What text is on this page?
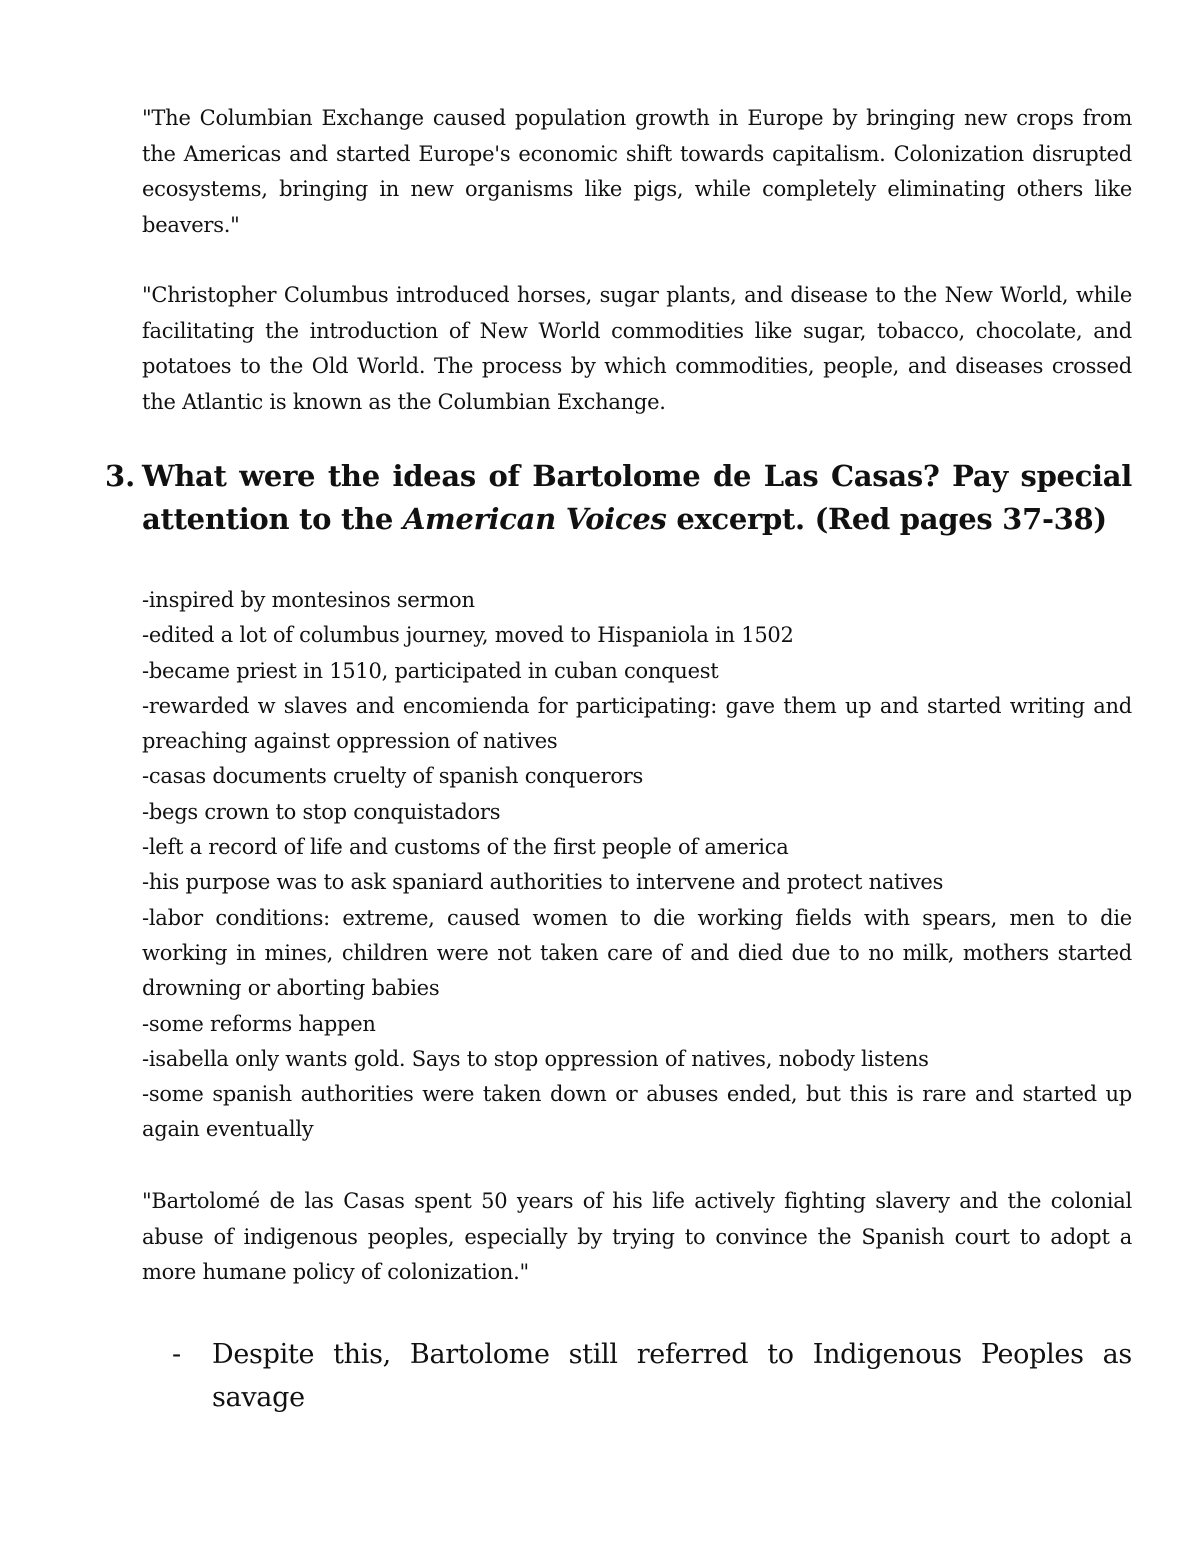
"The Columbian Exchange caused population growth in Europe by bringing new crops from the Americas and started Europe's economic shift towards capitalism. Colonization disrupted ecosystems, bringing in new organisms like pigs, while completely eliminating others like beavers."

"Christopher Columbus introduced horses, sugar plants, and disease to the New World, while facilitating the introduction of New World commodities like sugar, tobacco, chocolate, and potatoes to the Old World. The process by which commodities, people, and diseases crossed the Atlantic is known as the Columbian Exchange.

3. What were the ideas of Bartolome de Las Casas? Pay special attention to the American Voices excerpt. (Red pages 37-38)
-inspired by montesinos sermon
-edited a lot of columbus journey, moved to Hispaniola in 1502
-became priest in 1510, participated in cuban conquest
-rewarded w slaves and encomienda for participating: gave them up and started writing and preaching against oppression of natives
-casas documents cruelty of spanish conquerors
-begs crown to stop conquistadors
-left a record of life and customs of the first people of america
-his purpose was to ask spaniard authorities to intervene and protect natives
-labor conditions: extreme, caused women to die working fields with spears, men to die working in mines, children were not taken care of and died due to no milk, mothers started drowning or aborting babies
-some reforms happen
-isabella only wants gold. Says to stop oppression of natives, nobody listens
-some spanish authorities were taken down or abuses ended, but this is rare and started up again eventually

"Bartolomé de las Casas spent 50 years of his life actively fighting slavery and the colonial abuse of indigenous peoples, especially by trying to convince the Spanish court to adopt a more humane policy of colonization."

- Despite this, Bartolome still referred to Indigenous Peoples as savage
